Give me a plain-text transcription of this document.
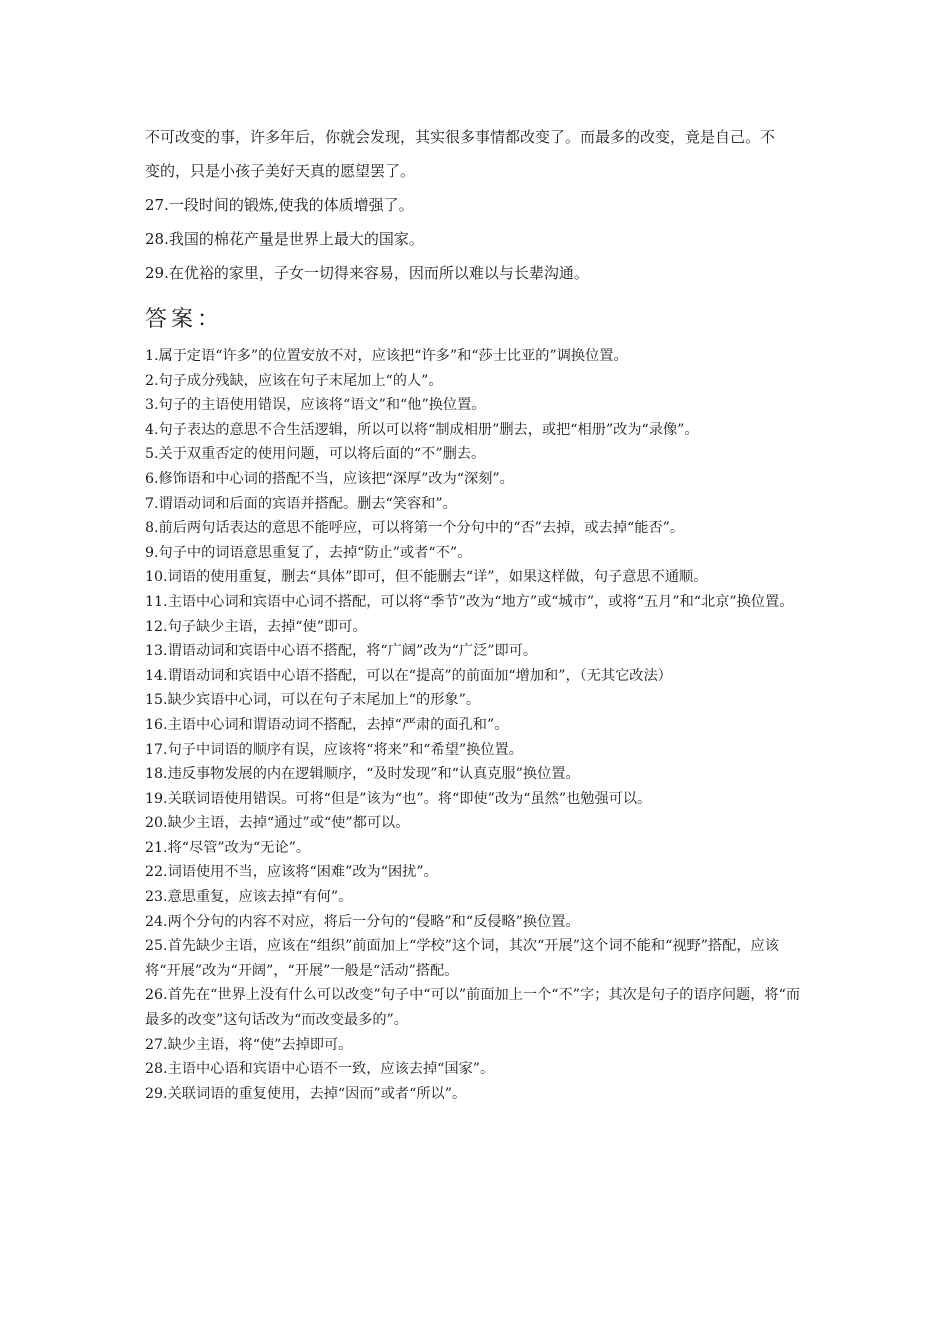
不可改变的事，许多年后，你就会发现，其实很多事情都改变了。而最多的改变，竟是自己。不

变的，只是小孩子美好天真的愿望罢了。

27.一段时间的锻炼,使我的体质增强了。

28.我国的棉花产量是世界上最大的国家。

29.在优裕的家里，子女一切得来容易，因而所以难以与长辈沟通。

答案：

1.属于定语“许多”的位置安放不对，应该把“许多”和“莎士比亚的”调换位置。

2.句子成分残缺，应该在句子末尾加上“的人”。

3.句子的主语使用错误，应该将“语文”和“他”换位置。

4.句子表达的意思不合生活逻辑，所以可以将“制成相册”删去，或把“相册”改为“录像”。

5.关于双重否定的使用问题，可以将后面的“不”删去。

6.修饰语和中心词的搭配不当，应该把“深厚”改为“深刻”。

7.谓语动词和后面的宾语并搭配。删去“笑容和”。

8.前后两句话表达的意思不能呼应，可以将第一个分句中的“否”去掉，或去掉“能否”。

9.句子中的词语意思重复了，去掉“防止”或者“不”。

10.词语的使用重复，删去“具体”即可，但不能删去“详”，如果这样做，句子意思不通顺。

11.主语中心词和宾语中心词不搭配，可以将“季节”改为“地方”或“城市”，或将“五月”和“北京”换位置。

12.句子缺少主语，去掉“使”即可。

13.谓语动词和宾语中心语不搭配，将“广阔”改为“广泛”即可。

14.谓语动词和宾语中心语不搭配，可以在“提高”的前面加“增加和”，（无其它改法）

15.缺少宾语中心词，可以在句子末尾加上“的形象”。

16.主语中心词和谓语动词不搭配，去掉“严肃的面孔和”。

17.句子中词语的顺序有误，应该将“将来”和“希望”换位置。

18.违反事物发展的内在逻辑顺序，“及时发现”和“认真克服”换位置。

19.关联词语使用错误。可将“但是”该为“也”。将“即使”改为“虽然”也勉强可以。

20.缺少主语，去掉“通过”或“使”都可以。

21.将“尽管”改为“无论”。

22.词语使用不当，应该将“困难”改为“困扰”。

23.意思重复，应该去掉“有何”。

24.两个分句的内容不对应，将后一分句的“侵略”和“反侵略”换位置。

25.首先缺少主语，应该在“组织”前面加上“学校”这个词，其次“开展”这个词不能和“视野”搭配，应该将“开展”改为“开阔”，“开展”一般是“活动”搭配。

26.首先在“世界上没有什么可以改变”句子中“可以”前面加上一个“不”字；其次是句子的语序问题，将“而最多的改变”这句话改为“而改变最多的”。

27.缺少主语，将“使”去掉即可。

28.主语中心语和宾语中心语不一致，应该去掉“国家”。

29.关联词语的重复使用，去掉“因而”或者“所以”。
